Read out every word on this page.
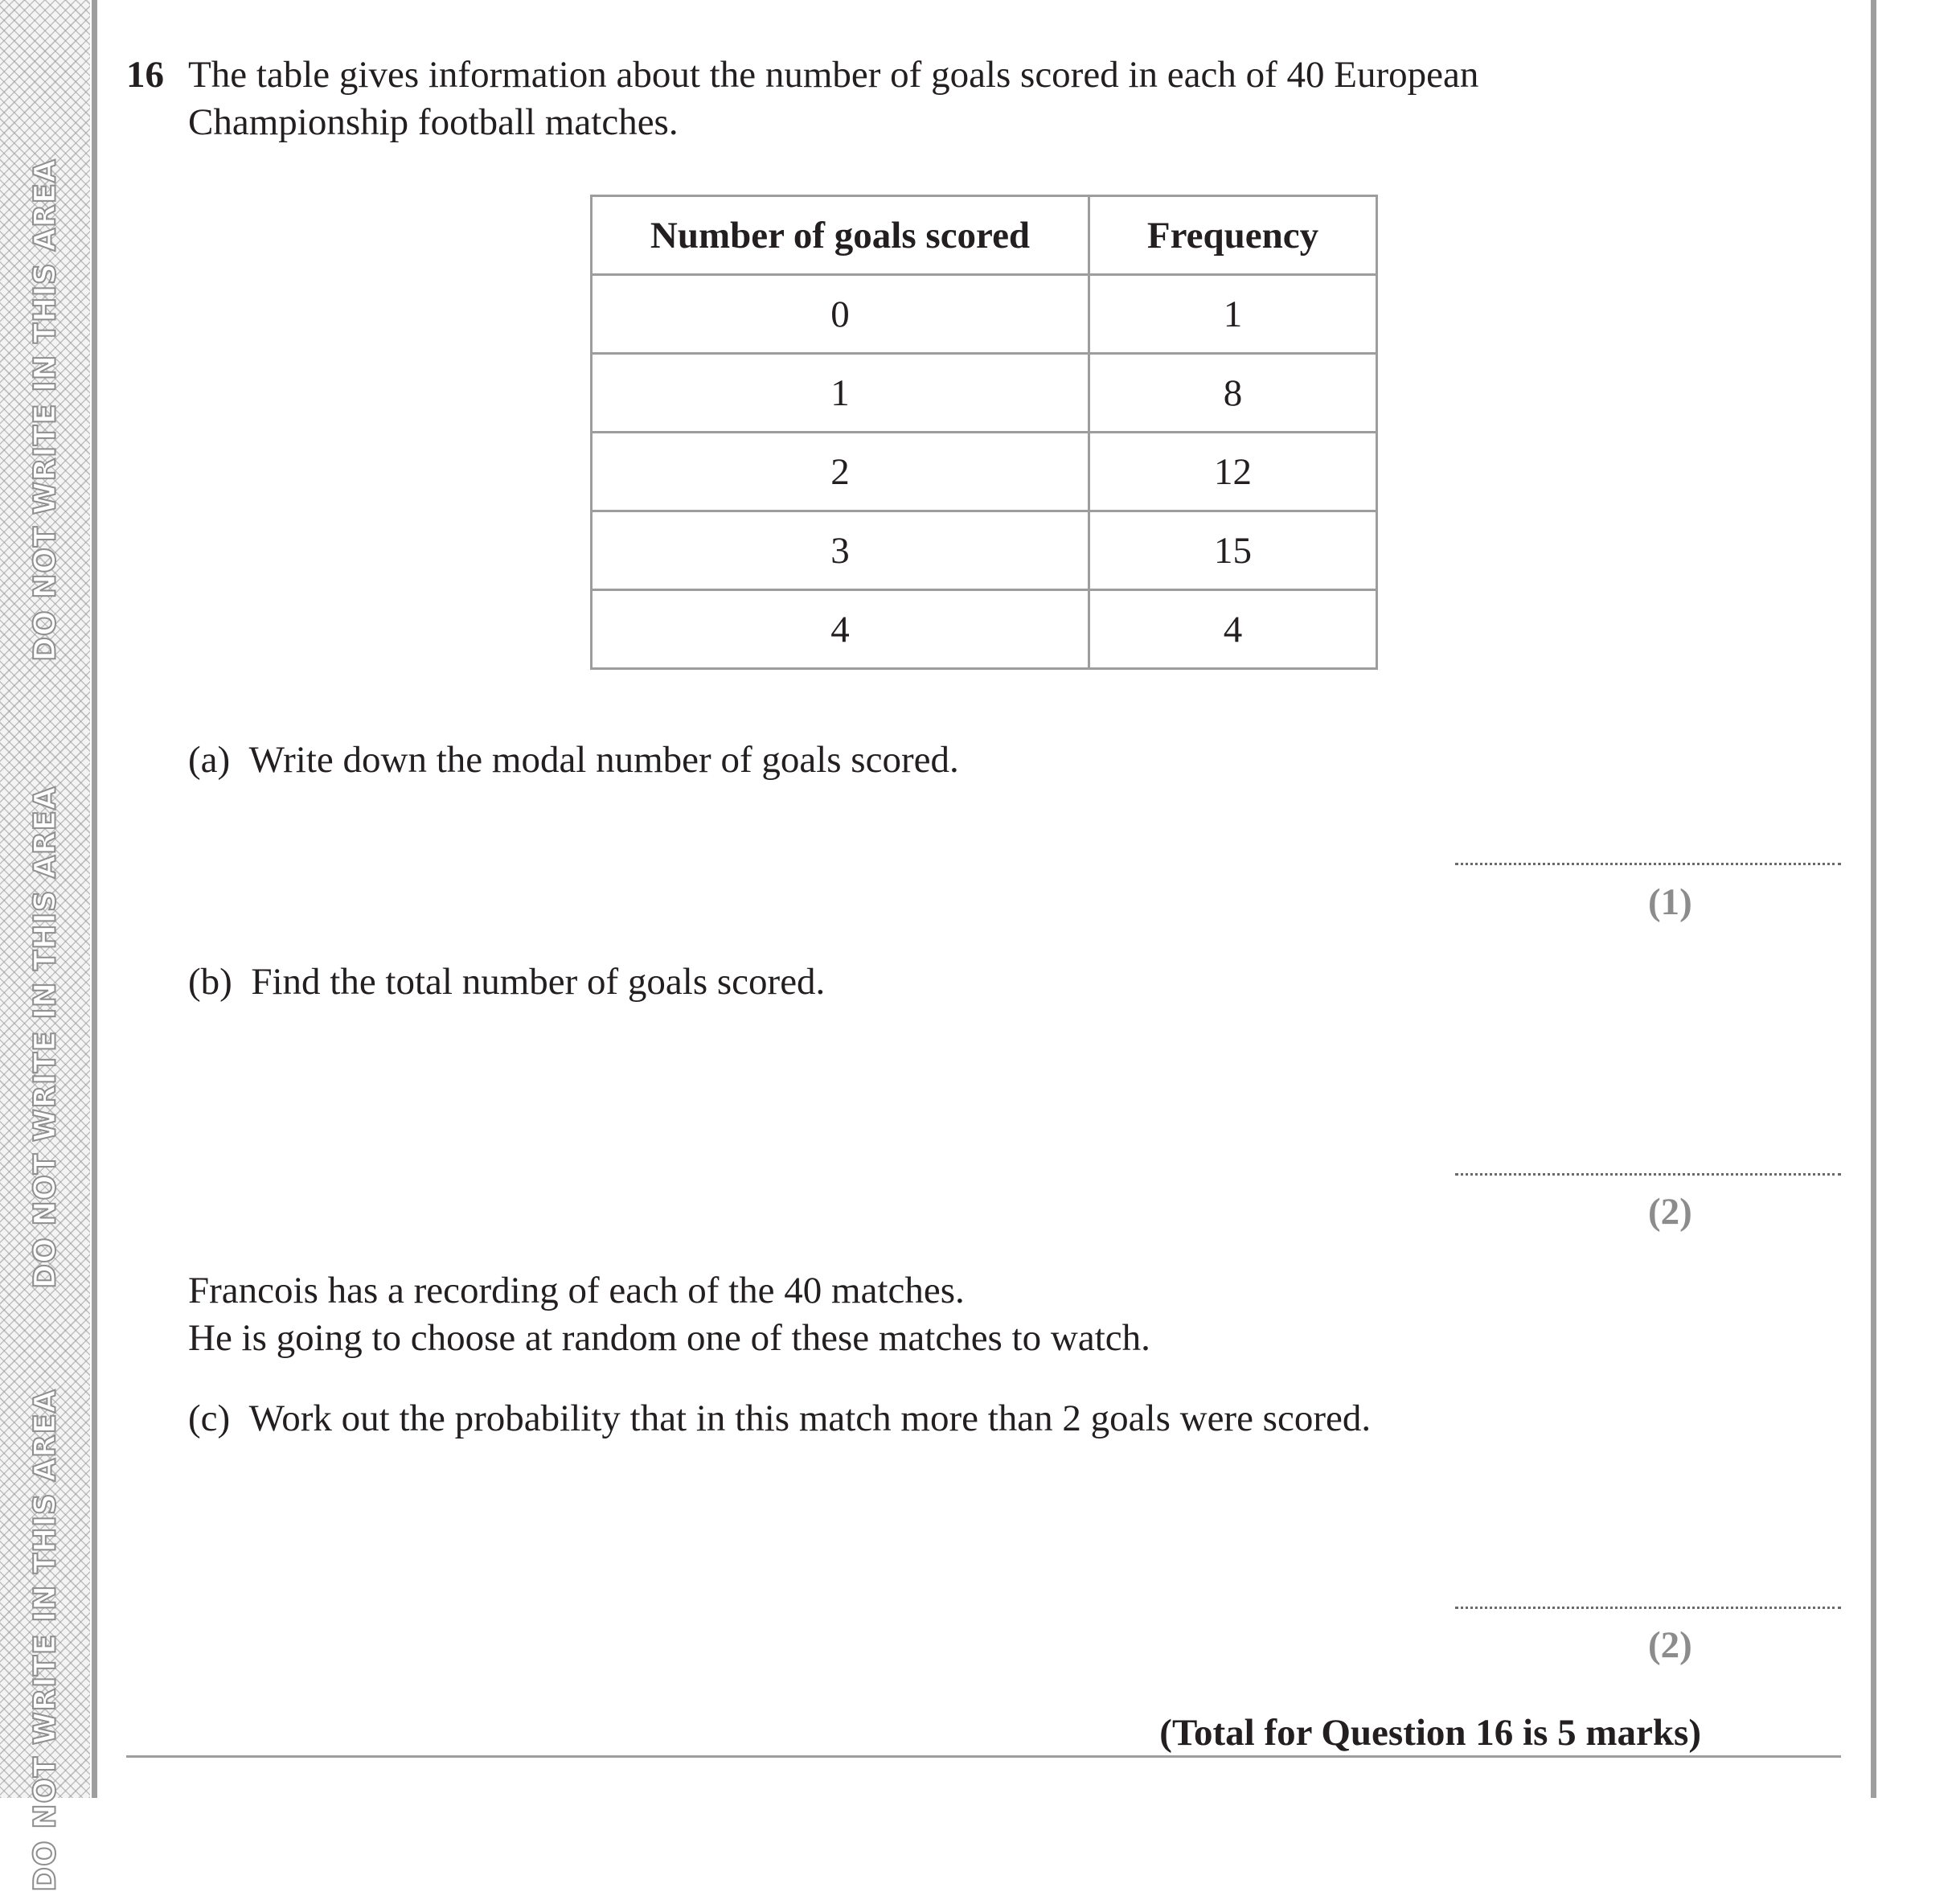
DO NOT WRITE IN THIS AREA
DO NOT WRITE IN THIS AREA
DO NOT WRITE IN THIS AREA
16 The table gives information about the number of goals scored in each of 40 European
Championship football matches.
Number of goals scored	Frequency
0	1
1	8
2	12
3	15
4	4
(a) Write down the modal number of goals scored.
(1)
(b) Find the total number of goals scored.
(2)
Francois has a recording of each of the 40 matches.
He is going to choose at random one of these matches to watch.
(c) Work out the probability that in this match more than 2 goals were scored.
(2)
(Total for Question 16 is 5 marks)
